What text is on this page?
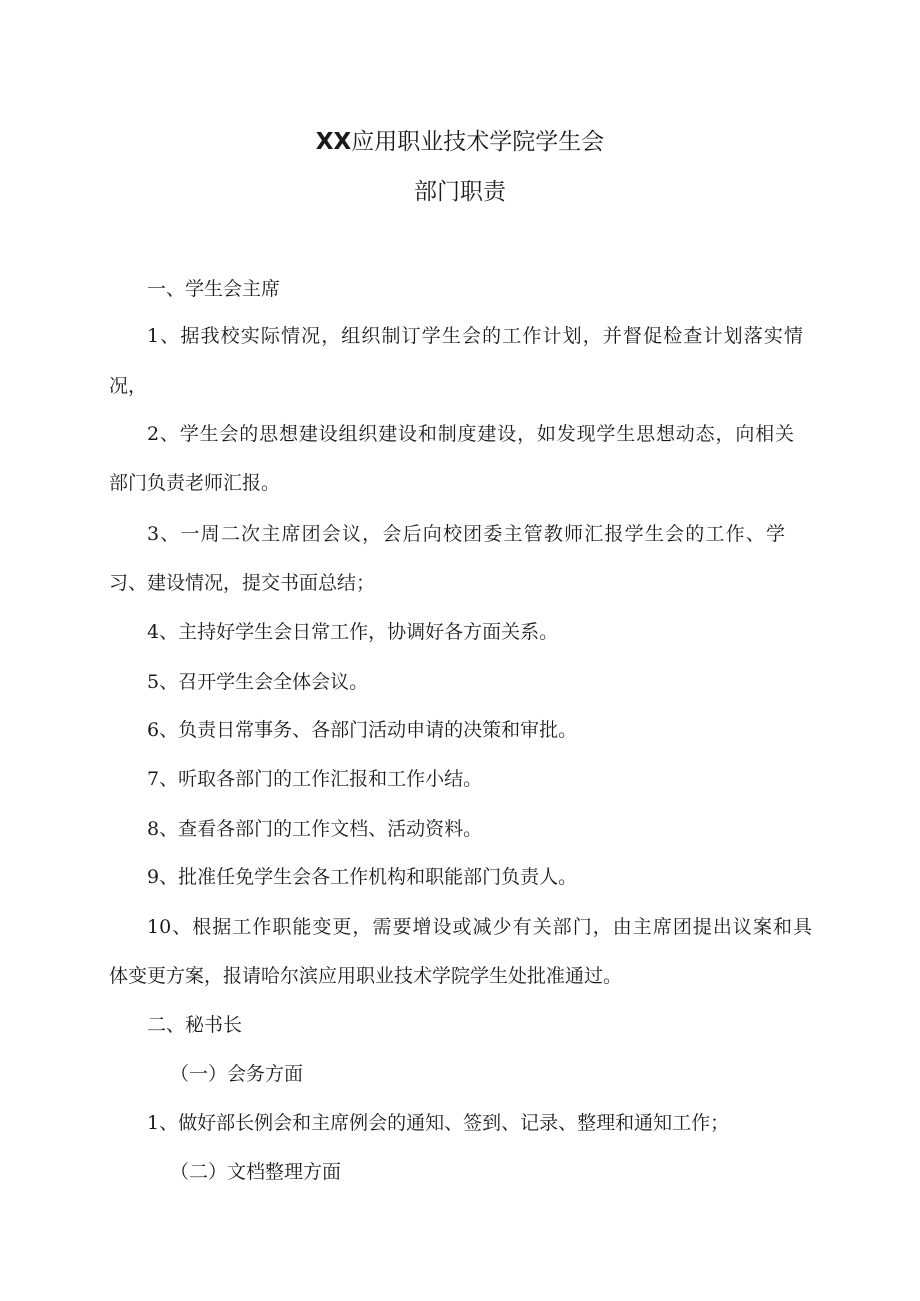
XX应用职业技术学院学生会
部门职责
一、学生会主席
1、据我校实际情况，组织制订学生会的工作计划，并督促检查计划落实情
况，
2、学生会的思想建设组织建设和制度建设，如发现学生思想动态，向相关
部门负责老师汇报。
3、一周二次主席团会议，会后向校团委主管教师汇报学生会的工作、学
习、建设情况，提交书面总结；
4、主持好学生会日常工作，协调好各方面关系。
5、召开学生会全体会议。
6、负责日常事务、各部门活动申请的决策和审批。
7、听取各部门的工作汇报和工作小结。
8、查看各部门的工作文档、活动资料。
9、批准任免学生会各工作机构和职能部门负责人。
10、根据工作职能变更，需要增设或减少有关部门，由主席团提出议案和具
体变更方案，报请哈尔滨应用职业技术学院学生处批准通过。
二、秘书长
（一）会务方面
1、做好部长例会和主席例会的通知、签到、记录、整理和通知工作；
（二）文档整理方面
